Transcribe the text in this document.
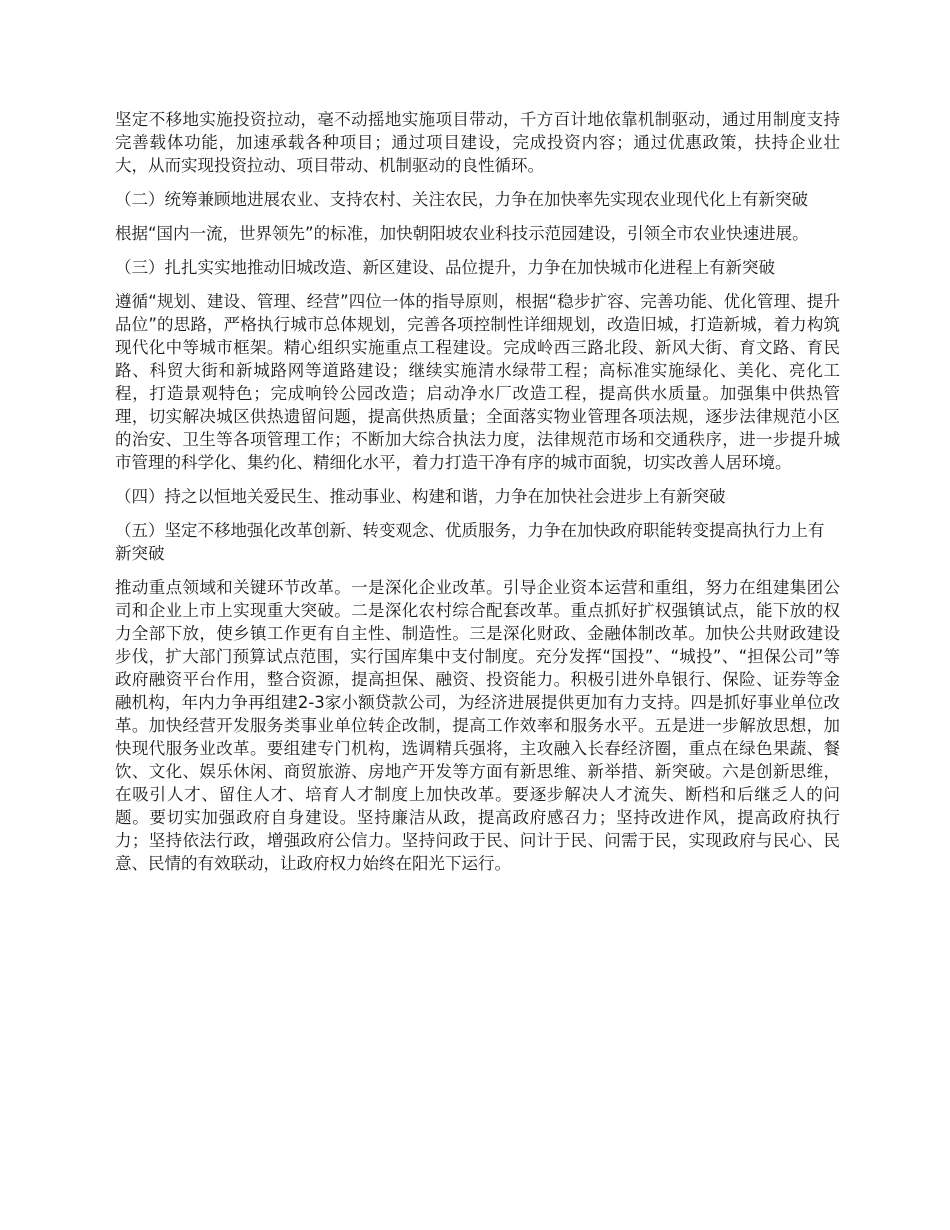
坚定不移地实施投资拉动，毫不动摇地实施项目带动，千方百计地依靠机制驱动，通过用制度支持完善载体功能，加速承载各种项目；通过项目建设，完成投资内容；通过优惠政策，扶持企业壮大，从而实现投资拉动、项目带动、机制驱动的良性循环。

（二）统筹兼顾地进展农业、支持农村、关注农民，力争在加快率先实现农业现代化上有新突破

根据“国内一流，世界领先”的标准，加快朝阳坡农业科技示范园建设，引领全市农业快速进展。

（三）扎扎实实地推动旧城改造、新区建设、品位提升，力争在加快城市化进程上有新突破

遵循“规划、建设、管理、经营”四位一体的指导原则，根据“稳步扩容、完善功能、优化管理、提升品位”的思路，严格执行城市总体规划，完善各项控制性详细规划，改造旧城，打造新城，着力构筑现代化中等城市框架。精心组织实施重点工程建设。完成岭西三路北段、新风大街、育文路、育民路、科贸大街和新城路网等道路建设；继续实施清水绿带工程；高标准实施绿化、美化、亮化工程，打造景观特色；完成响铃公园改造；启动净水厂改造工程，提高供水质量。加强集中供热管理，切实解决城区供热遗留问题，提高供热质量；全面落实物业管理各项法规，逐步法律规范小区的治安、卫生等各项管理工作；不断加大综合执法力度，法律规范市场和交通秩序，进一步提升城市管理的科学化、集约化、精细化水平，着力打造干净有序的城市面貌，切实改善人居环境。

（四）持之以恒地关爱民生、推动事业、构建和谐，力争在加快社会进步上有新突破

（五）坚定不移地强化改革创新、转变观念、优质服务，力争在加快政府职能转变提高执行力上有新突破

推动重点领域和关键环节改革。一是深化企业改革。引导企业资本运营和重组，努力在组建集团公司和企业上市上实现重大突破。二是深化农村综合配套改革。重点抓好扩权强镇试点，能下放的权力全部下放，使乡镇工作更有自主性、制造性。三是深化财政、金融体制改革。加快公共财政建设步伐，扩大部门预算试点范围，实行国库集中支付制度。充分发挥“国投”、“城投”、“担保公司”等政府融资平台作用，整合资源，提高担保、融资、投资能力。积极引进外阜银行、保险、证券等金融机构，年内力争再组建2-3家小额贷款公司，为经济进展提供更加有力支持。四是抓好事业单位改革。加快经营开发服务类事业单位转企改制，提高工作效率和服务水平。五是进一步解放思想，加快现代服务业改革。要组建专门机构，选调精兵强将，主攻融入长春经济圈，重点在绿色果蔬、餐饮、文化、娱乐休闲、商贸旅游、房地产开发等方面有新思维、新举措、新突破。六是创新思维，在吸引人才、留住人才、培育人才制度上加快改革。要逐步解决人才流失、断档和后继乏人的问题。要切实加强政府自身建设。坚持廉洁从政，提高政府感召力；坚持改进作风，提高政府执行力；坚持依法行政，增强政府公信力。坚持问政于民、问计于民、问需于民，实现政府与民心、民意、民情的有效联动，让政府权力始终在阳光下运行。
